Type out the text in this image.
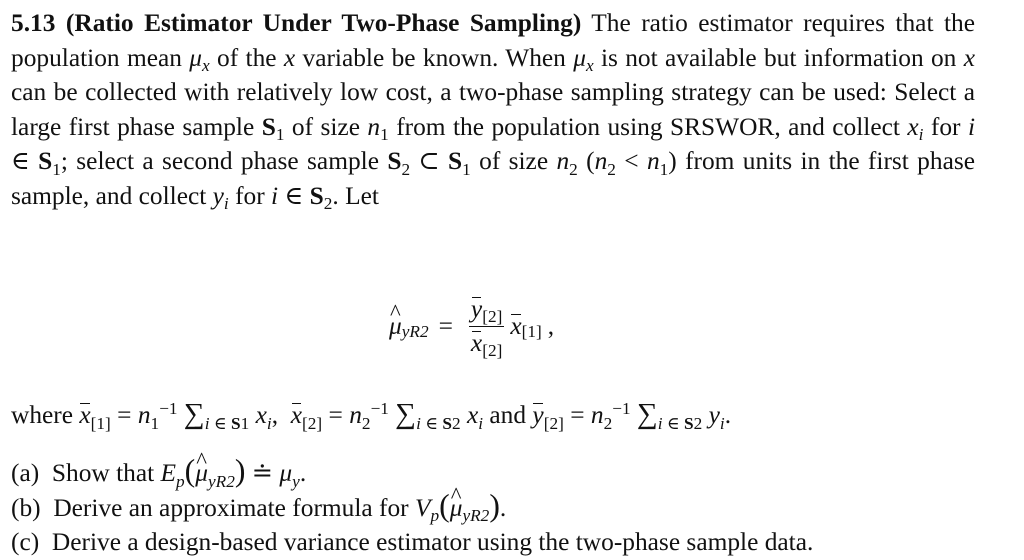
5.13 (Ratio Estimator Under Two-Phase Sampling) The ratio estimator requires that the population mean $\mu_x$ of the x variable be known. When $\mu_x$ is not available but information on x can be collected with relatively low cost, a two-phase sampling strategy can be used: Select a large first phase sample $S_1$ of size $n_1$ from the population using SRSWOR, and collect $x_i$ for i ∈ $S_1$; select a second phase sample $S_2$ ⊂ $S_1$ of size $n_2$ $(n_2 < n_1)$ from units in the first phase sample, and collect $y_i$ for i ∈ $S_2$. Let
^ $\mu_{yR2} = \frac{y_{[2]}}{x_{[2]}} x_{[1]}$ ,
where $x_{[1]} = n_1^{-1}$ $\sum_{i \in S1}$ $x_i$, $x_{[2]} = n_2^{-1}$ $\sum_{i \in S2}$ $x_i$ and $y_{[2]} = n_2^{-1}$ $\sum_{i \in S2}$ $y_i$.
(a) Show that $E_p(\^{}$ $\mu_{yR2}$) ≐ $\mu_y$.
(b) Derive an approximate formula for $V_p(\^{}$ $\mu_{yR2}$).
(c) Derive a design-based variance estimator using the two-phase sample data.
